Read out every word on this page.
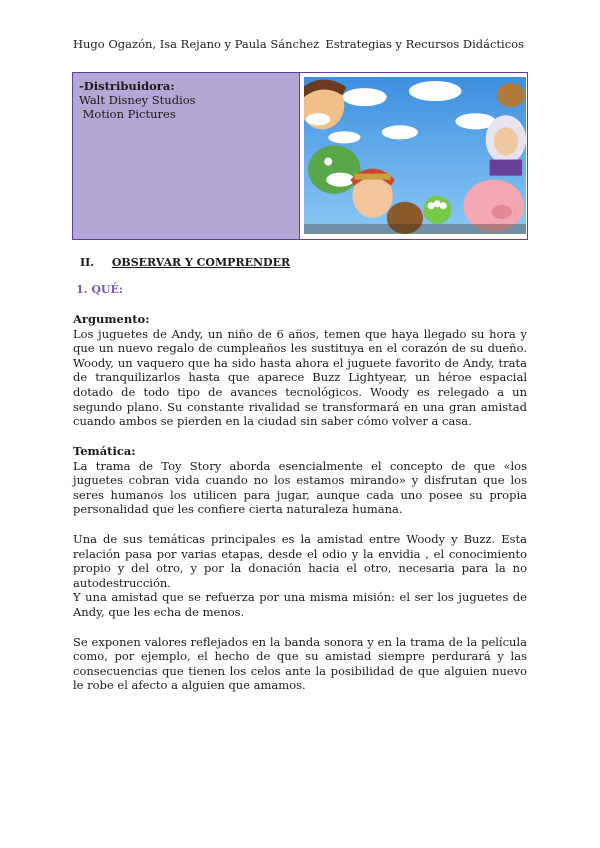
Hugo Ogazón, Isa Rejano y Paula Sánchez Estrategias y Recursos Didácticos
-Distribuidora:
Walt Disney Studios
Motion Pictures
II. OBSERVAR Y COMPRENDER
1. QUÉ:
Argumento:

Los juguetes de Andy, un niño de 6 años, temen que haya llegado su hora y que un nuevo regalo de cumpleaños les sustituya en el corazón de su dueño. Woody, un vaquero que ha sido hasta ahora el juguete favorito de Andy, trata de tranquilizarlos hasta que aparece Buzz Lightyear, un héroe espacial dotado de todo tipo de avances tecnológicos. Woody es relegado a un segundo plano. Su constante rivalidad se transformará en una gran amistad cuando ambos se pierden en la ciudad sin saber cómo volver a casa.

Temática:

La trama de Toy Story aborda esencialmente el concepto de que «los juguetes cobran vida cuando no los estamos mirando» y disfrutan que los seres humanos los utilicen para jugar, aunque cada uno posee su propia personalidad que les confiere cierta naturaleza humana.

Una de sus temáticas principales es la amistad entre Woody y Buzz. Esta relación pasa por varias etapas, desde el odio y la envidia , el conocimiento propio y del otro, y por la donación hacia el otro, necesaria para la no autodestrucción.

Y una amistad que se refuerza por una misma misión: el ser los juguetes de Andy, que les echa de menos.

Se exponen valores reflejados en la banda sonora y en la trama de la película como, por ejemplo, el hecho de que su amistad siempre perdurará y las consecuencias que tienen los celos ante la posibilidad de que alguien nuevo le robe el afecto a alguien que amamos.
